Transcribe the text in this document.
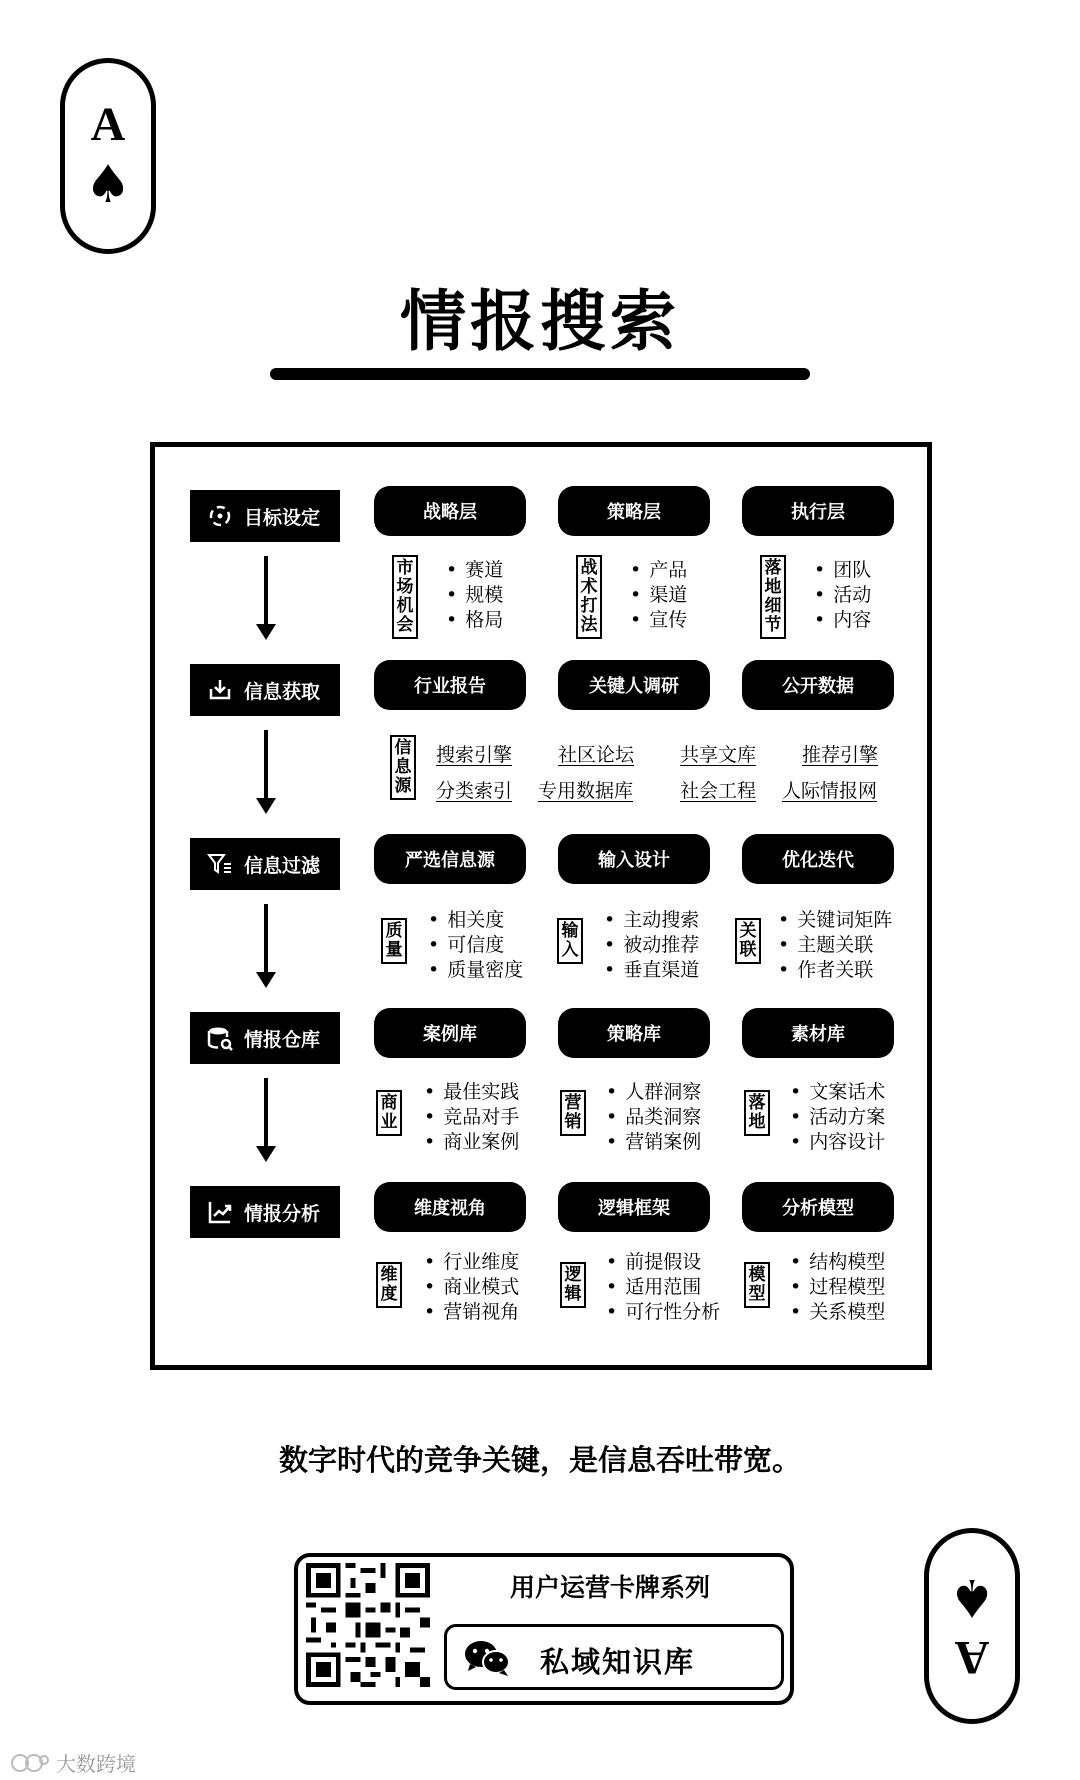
A
♠
A
♠
情报搜索
目标设定
信息获取
信息过滤
情报仓库
情报分析
战略层	策略层	执行层
市场机会
• 赛道
• 规模
• 格局
战术打法
• 产品
• 渠道
• 宣传
落地细节
• 团队
• 活动
• 内容
行业报告	关键人调研	公开数据
信息源
搜索引擎 社区论坛 共享文库 推荐引擎
分类索引 专用数据库 社会工程 人际情报网
严选信息源	输入设计	优化迭代
质量
• 相关度
• 可信度
• 质量密度
输入
• 主动搜索
• 被动推荐
• 垂直渠道
关联
• 关键词矩阵
• 主题关联
• 作者关联
案例库	策略库	素材库
商业
• 最佳实践
• 竞品对手
• 商业案例
营销
• 人群洞察
• 品类洞察
• 营销案例
落地
• 文案话术
• 活动方案
• 内容设计
维度视角	逻辑框架	分析模型
维度
• 行业维度
• 商业模式
• 营销视角
逻辑
• 前提假设
• 适用范围
• 可行性分析
模型
• 结构模型
• 过程模型
• 关系模型
数字时代的竞争关键，是信息吞吐带宽。
用户运营卡牌系列
私域知识库
大数跨境
